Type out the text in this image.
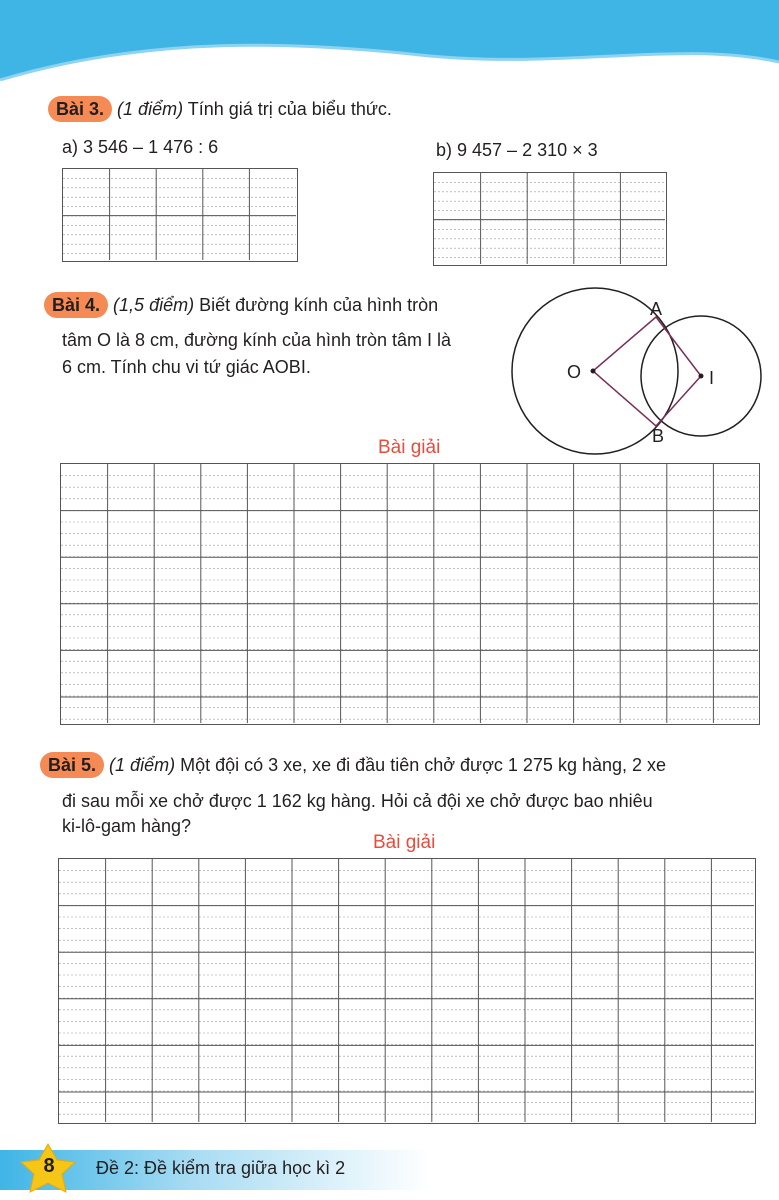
Bài 3. (1 điểm) Tính giá trị của biểu thức.
a) 3 546 – 1 476 : 6	b) 9 457 – 2 310 × 3
Bài 4. (1,5 điểm) Biết đường kính của hình tròn
tâm O là 8 cm, đường kính của hình tròn tâm I là
6 cm. Tính chu vi tứ giác AOBI.
A
B
O	I
Bài giải
Bài 5. (1 điểm) Một đội có 3 xe, xe đi đầu tiên chở được 1 275 kg hàng, 2 xe
đi sau mỗi xe chở được 1 162 kg hàng. Hỏi cả đội xe chở được bao nhiêu
ki-lô-gam hàng?
Bài giải
8 Đề 2: Đề kiểm tra giữa học kì 2
